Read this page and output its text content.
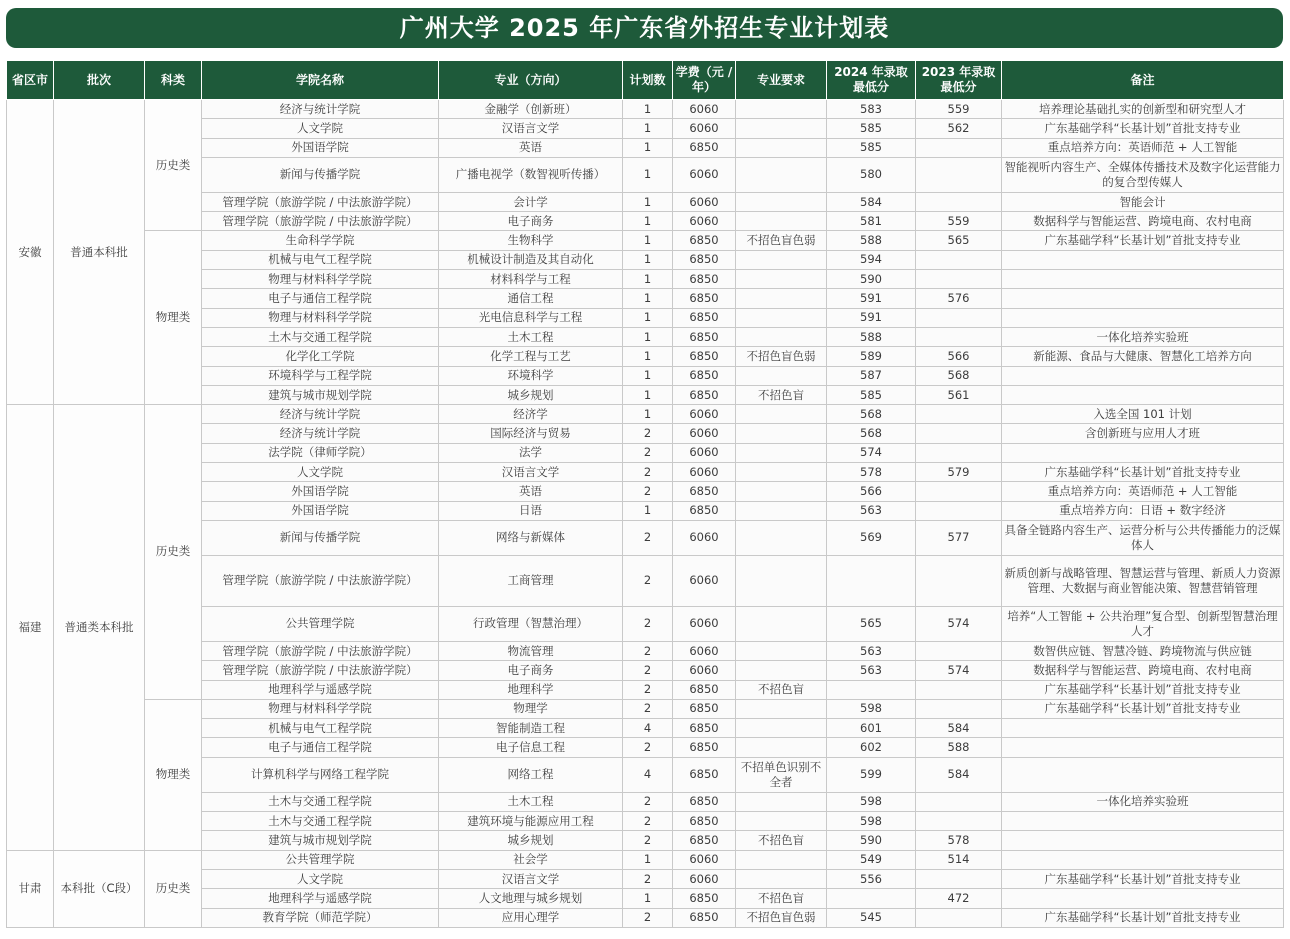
广州大学 2025 年广东省外招生专业计划表
省区市	批次	科类	学院名称	专业（方向）	计划数	学费（元 / 年）	专业要求	2024 年录取最低分	2023 年录取最低分	备注
安徽	普通本科批	历史类	经济与统计学院	金融学（创新班）	1	6060		583	559	培养理论基础扎实的创新型和研究型人才
			人文学院	汉语言文学	1	6060		585	562	广东基础学科“长基计划”首批支持专业
			外国语学院	英语	1	6850		585		重点培养方向：英语师范 + 人工智能
			新闻与传播学院	广播电视学（数智视听传播）	1	6060		580		智能视听内容生产、全媒体传播技术及数字化运营能力的复合型传媒人
			管理学院（旅游学院 / 中法旅游学院）	会计学	1	6060		584		智能会计
			管理学院（旅游学院 / 中法旅游学院）	电子商务	1	6060		581	559	数据科学与智能运营、跨境电商、农村电商
		物理类	生命科学学院	生物科学	1	6850	不招色盲色弱	588	565	广东基础学科“长基计划”首批支持专业
			机械与电气工程学院	机械设计制造及其自动化	1	6850		594		
			物理与材料科学学院	材料科学与工程	1	6850		590		
			电子与通信工程学院	通信工程	1	6850		591	576	
			物理与材料科学学院	光电信息科学与工程	1	6850		591		
			土木与交通工程学院	土木工程	1	6850		588		一体化培养实验班
			化学化工学院	化学工程与工艺	1	6850	不招色盲色弱	589	566	新能源、食品与大健康、智慧化工培养方向
			环境科学与工程学院	环境科学	1	6850		587	568	
			建筑与城市规划学院	城乡规划	1	6850	不招色盲	585	561	
福建	普通类本科批	历史类	经济与统计学院	经济学	1	6060		568		入选全国 101 计划
			经济与统计学院	国际经济与贸易	2	6060		568		含创新班与应用人才班
			法学院（律师学院）	法学	2	6060		574		
			人文学院	汉语言文学	2	6060		578	579	广东基础学科“长基计划”首批支持专业
			外国语学院	英语	2	6850		566		重点培养方向：英语师范 + 人工智能
			外国语学院	日语	1	6850		563		重点培养方向：日语 + 数字经济
			新闻与传播学院	网络与新媒体	2	6060		569	577	具备全链路内容生产、运营分析与公共传播能力的泛媒体人
			管理学院（旅游学院 / 中法旅游学院）	工商管理	2	6060				新质创新与战略管理、智慧运营与管理、新质人力资源管理、大数据与商业智能决策、智慧营销管理
			公共管理学院	行政管理（智慧治理）	2	6060		565	574	培养“人工智能 + 公共治理”复合型、创新型智慧治理人才
			管理学院（旅游学院 / 中法旅游学院）	物流管理	2	6060		563		数智供应链、智慧冷链、跨境物流与供应链
			管理学院（旅游学院 / 中法旅游学院）	电子商务	2	6060		563	574	数据科学与智能运营、跨境电商、农村电商
			地理科学与遥感学院	地理科学	2	6850	不招色盲			广东基础学科“长基计划”首批支持专业
		物理类	物理与材料科学学院	物理学	2	6850		598		广东基础学科“长基计划”首批支持专业
			机械与电气工程学院	智能制造工程	4	6850		601	584	
			电子与通信工程学院	电子信息工程	2	6850		602	588	
			计算机科学与网络工程学院	网络工程	4	6850	不招单色识别不全者	599	584	
			土木与交通工程学院	土木工程	2	6850		598		一体化培养实验班
			土木与交通工程学院	建筑环境与能源应用工程	2	6850		598		
			建筑与城市规划学院	城乡规划	2	6850	不招色盲	590	578	
甘肃	本科批（C段）	历史类	公共管理学院	社会学	1	6060		549	514	
			人文学院	汉语言文学	2	6060		556		广东基础学科“长基计划”首批支持专业
			地理科学与遥感学院	人文地理与城乡规划	1	6850	不招色盲		472	
			教育学院（师范学院）	应用心理学	2	6850	不招色盲色弱	545		广东基础学科“长基计划”首批支持专业
